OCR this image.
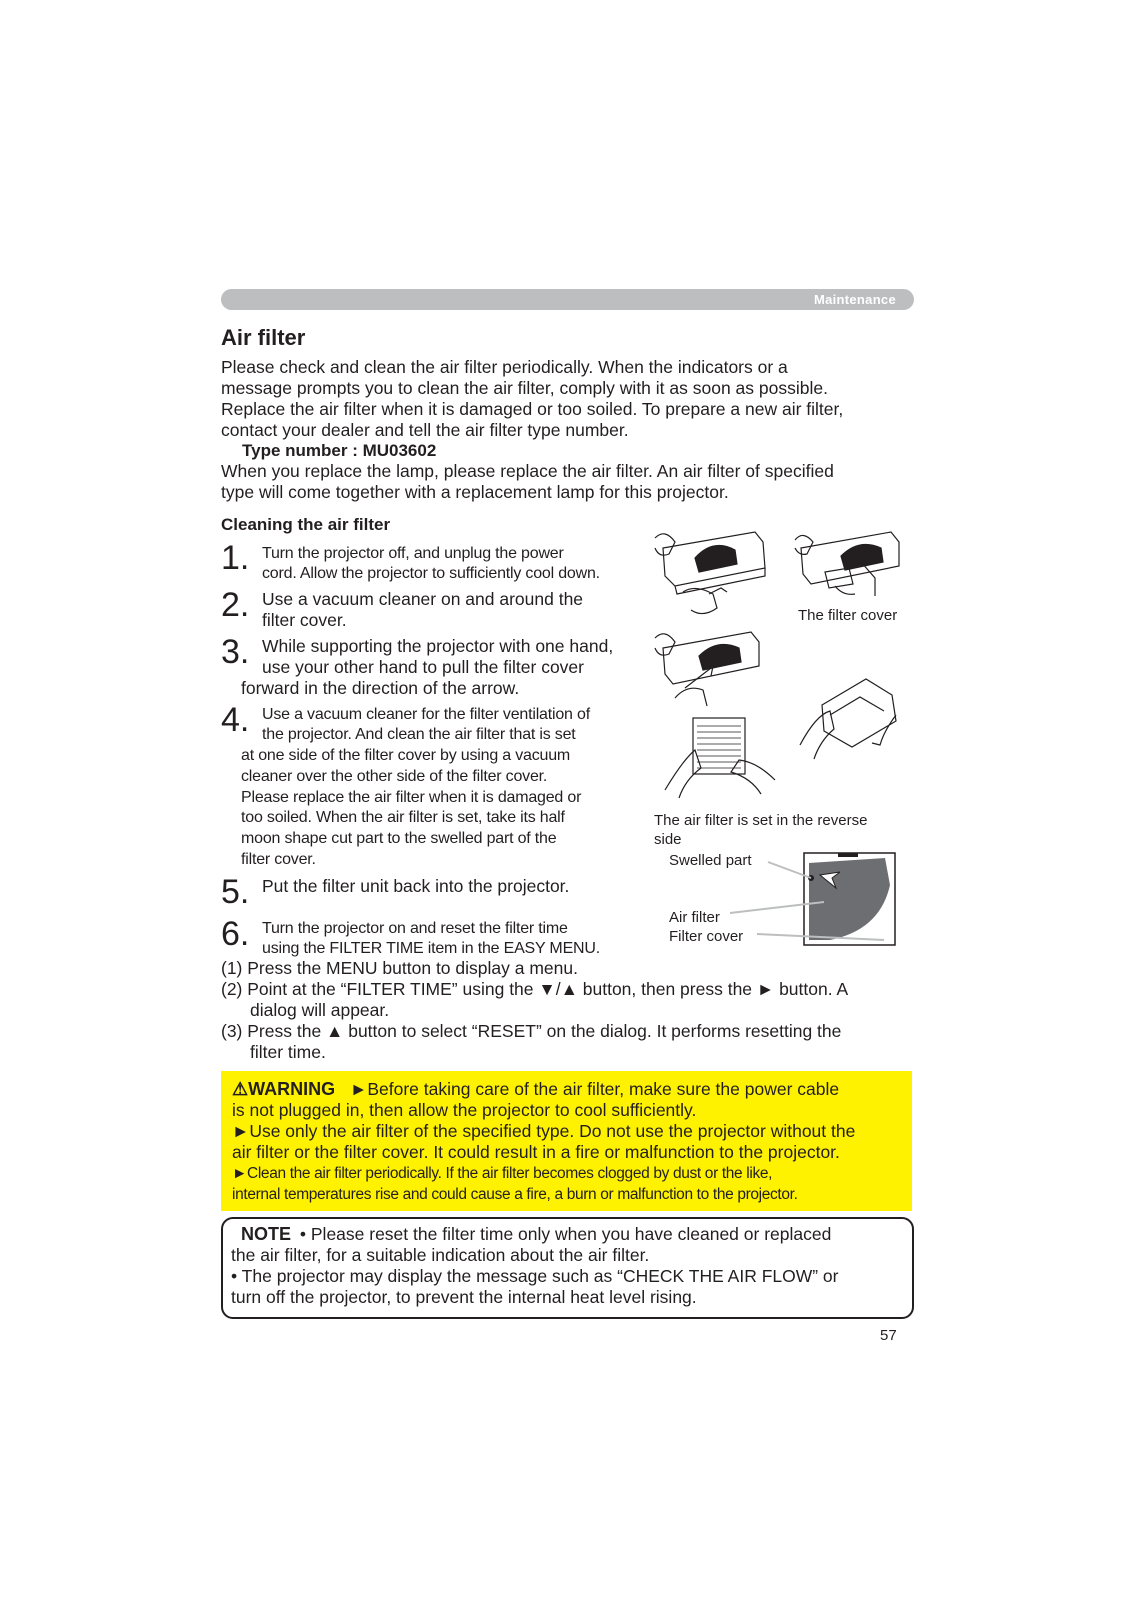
Maintenance
Air filter
Please check and clean the air filter periodically. When the indicators or a
message prompts you to clean the air filter, comply with it as soon as possible.
Replace the air filter when it is damaged or too soiled. To prepare a new air filter,
contact your dealer and tell the air filter type number.
Type number : MU03602
When you replace the lamp, please replace the air filter. An air filter of specified
type will come together with a replacement lamp for this projector.
Cleaning the air filter
1. Turn the projector off, and unplug the power
cord. Allow the projector to sufficiently cool down.
2. Use a vacuum cleaner on and around the
filter cover.
3. While supporting the projector with one hand,
use your other hand to pull the filter cover
forward in the direction of the arrow.
4. Use a vacuum cleaner for the filter ventilation of
the projector. And clean the air filter that is set
at one side of the filter cover by using a vacuum
cleaner over the other side of the filter cover.
Please replace the air filter when it is damaged or
too soiled. When the air filter is set, take its half
moon shape cut part to the swelled part of the
filter cover.
5. Put the filter unit back into the projector.
6. Turn the projector on and reset the filter time
using the FILTER TIME item in the EASY MENU.
(1) Press the MENU button to display a menu.
(2) Point at the “FILTER TIME” using the ▼/▲ button, then press the ► button. A
dialog will appear.
(3) Press the ▲ button to select “RESET” on the dialog. It performs resetting the
filter time.
The filter cover
The air filter is set in the reverse
side
Swelled part
Air filter
Filter cover
⚠WARNING ►Before taking care of the air filter, make sure the power cable
is not plugged in, then allow the projector to cool sufficiently.
►Use only the air filter of the specified type. Do not use the projector without the
air filter or the filter cover. It could result in a fire or malfunction to the projector.
►Clean the air filter periodically. If the air filter becomes clogged by dust or the like,
internal temperatures rise and could cause a fire, a burn or malfunction to the projector.
NOTE • Please reset the filter time only when you have cleaned or replaced
the air filter, for a suitable indication about the air filter.
• The projector may display the message such as “CHECK THE AIR FLOW” or
turn off the projector, to prevent the internal heat level rising.
57
